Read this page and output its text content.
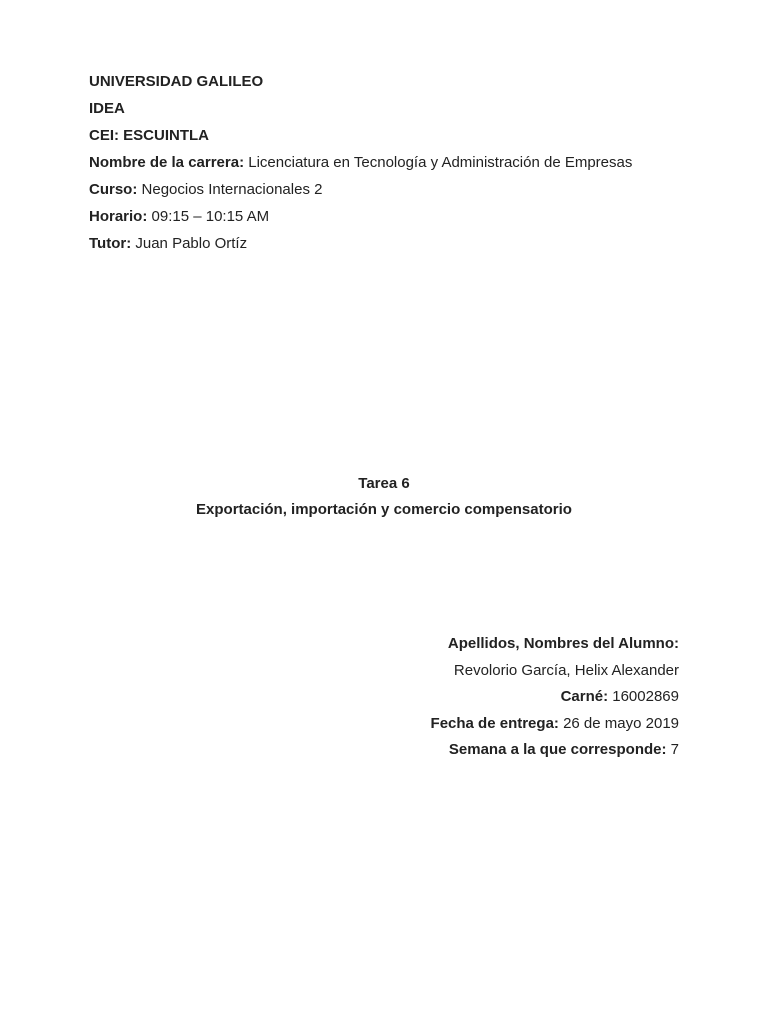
UNIVERSIDAD GALILEO
IDEA
CEI: ESCUINTLA
Nombre de la carrera: Licenciatura en Tecnología y Administración de Empresas
Curso: Negocios Internacionales 2
Horario: 09:15 – 10:15 AM
Tutor: Juan Pablo Ortíz
Tarea 6
Exportación, importación y comercio compensatorio
Apellidos, Nombres del Alumno:
Revolorio García, Helix Alexander
Carné: 16002869
Fecha de entrega: 26 de mayo 2019
Semana a la que corresponde: 7
